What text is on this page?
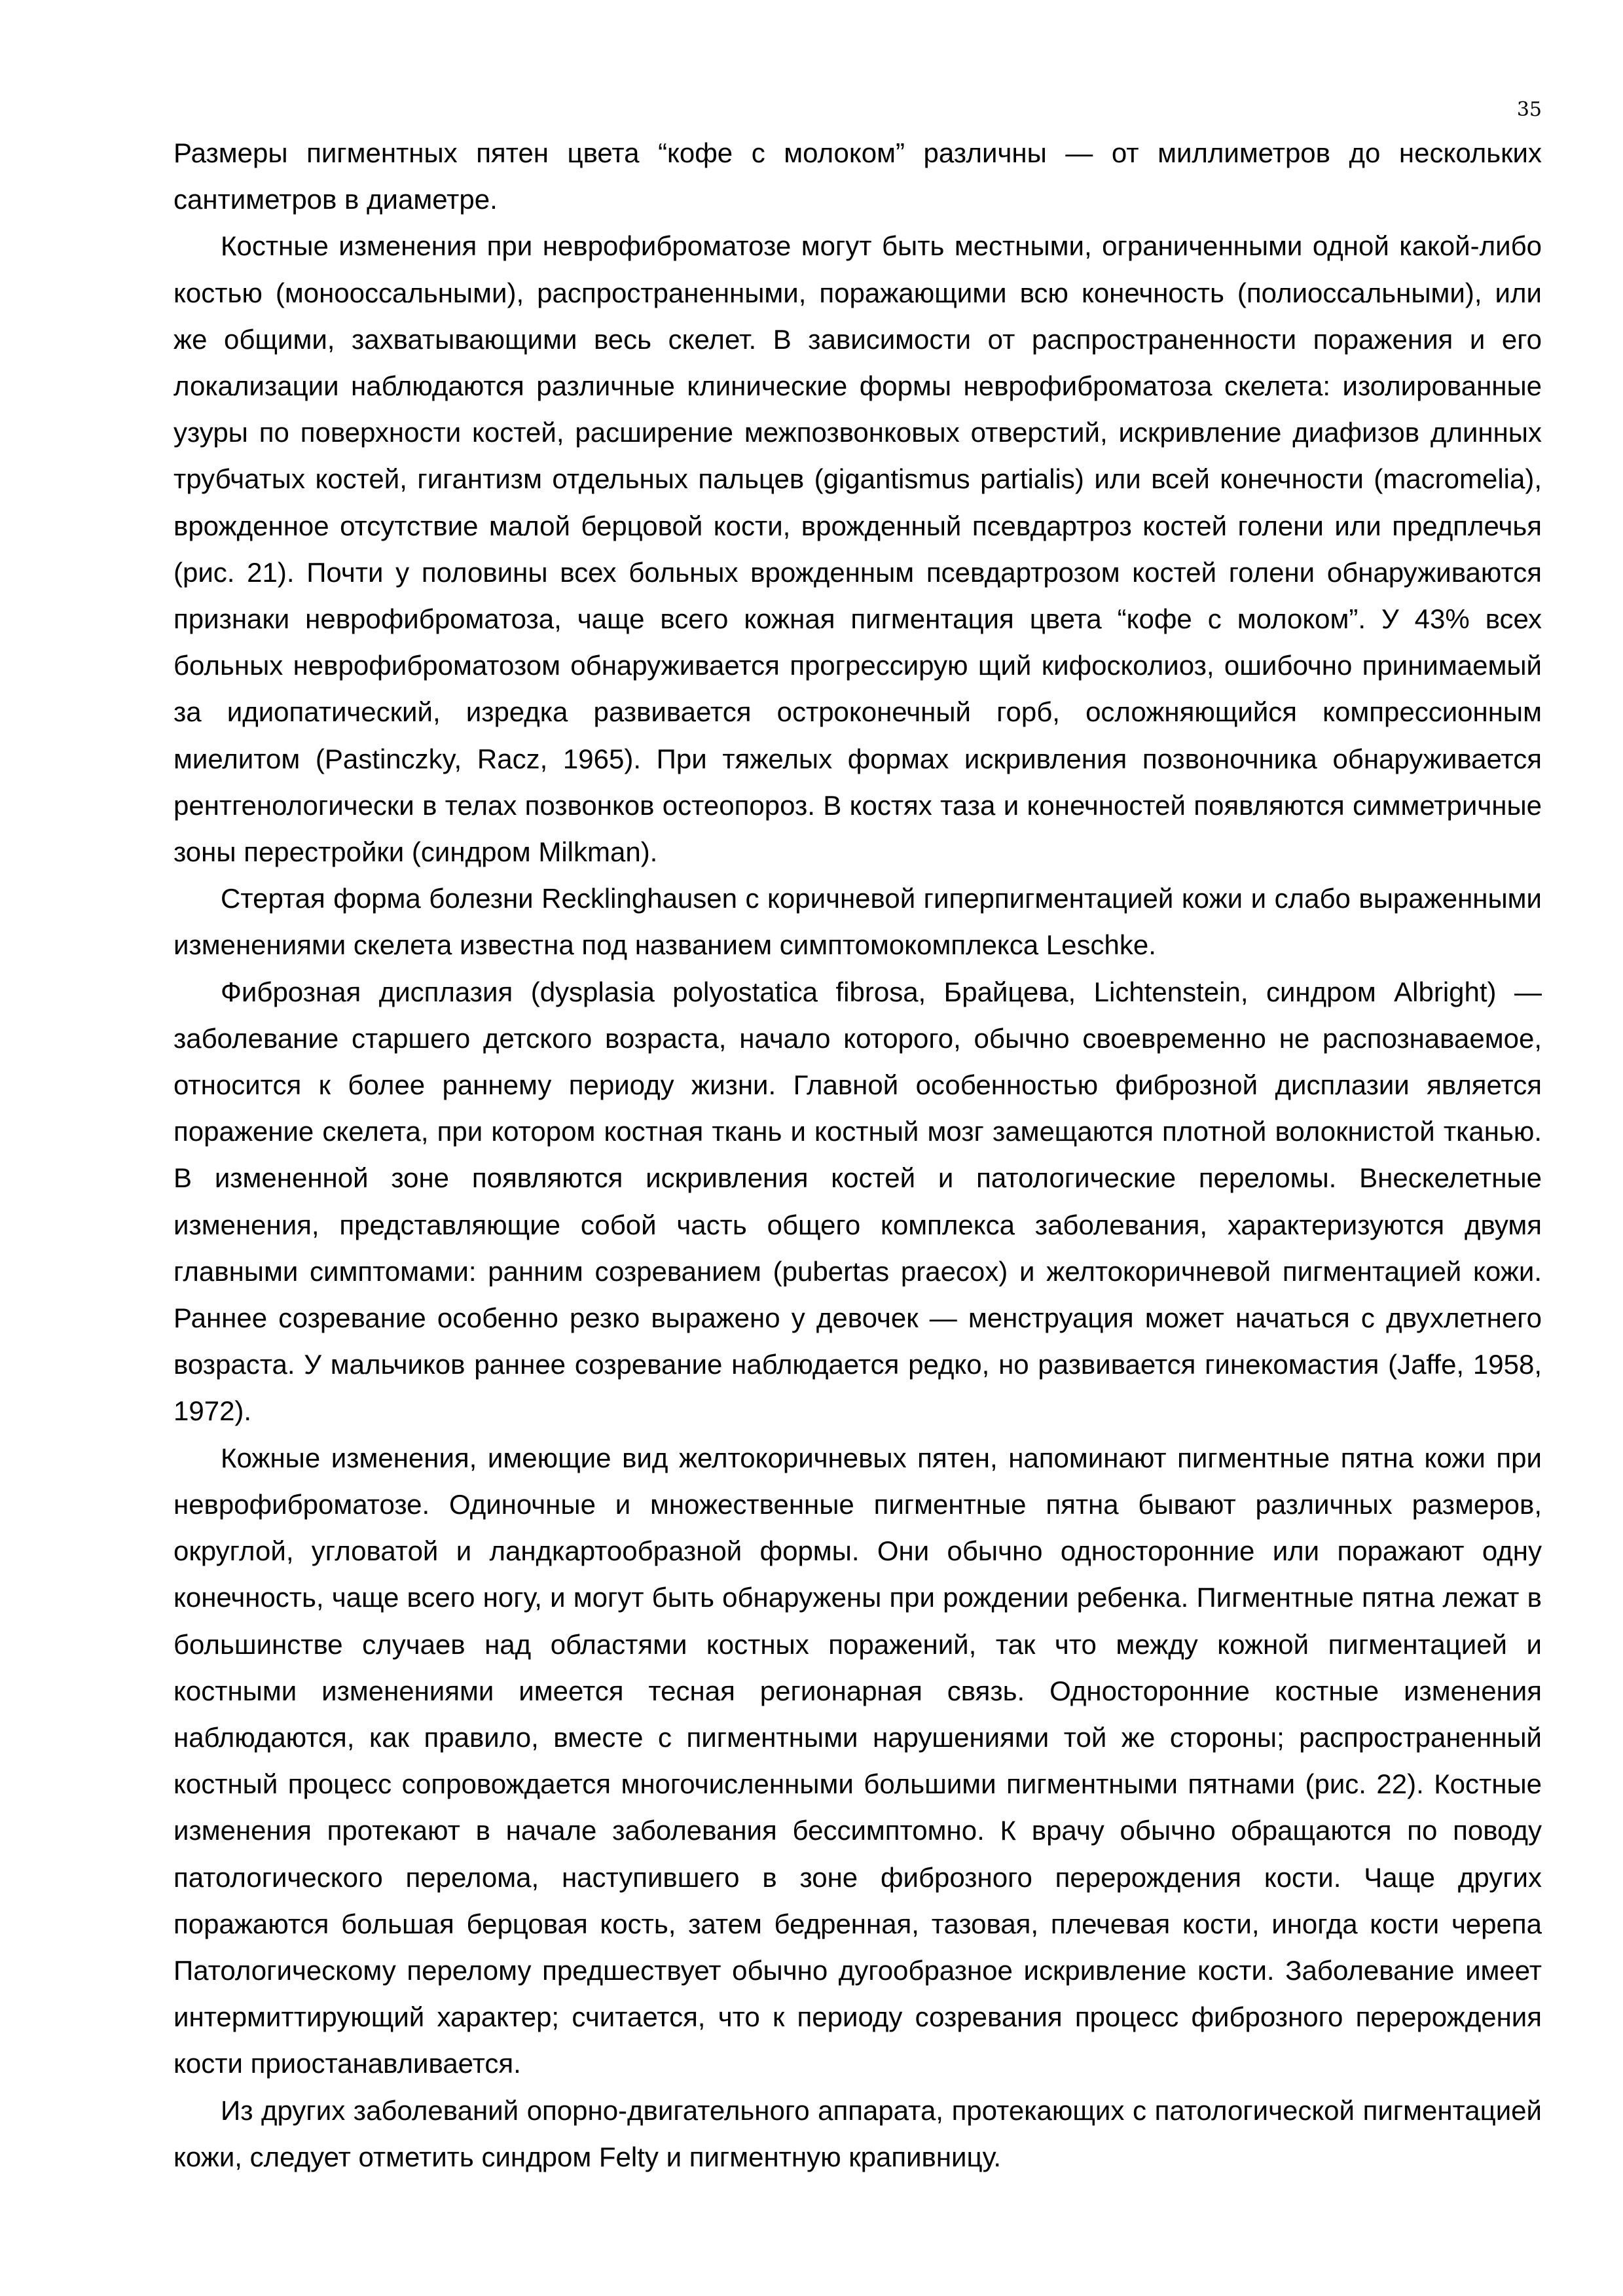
35

Размеры пигментных пятен цвета “кофе с молоком” различны — от миллиметров до нескольких сантиметров в диаметре.

Костные изменения при неврофиброматозе могут быть местными, ограниченными одной какой-либо костью (монооссальными), распространенными, поражающими всю конечность (полиоссальными), или же общими, захватывающими весь скелет. В зависимости от распространенности поражения и его локализации наблюдаются различные клинические формы неврофиброматоза скелета: изолированные узуры по поверхности костей, расширение межпозвонковых отверстий, искривление диафизов длинных трубчатых костей, гигантизм отдельных пальцев (gigantismus partialis) или всей конечности (macromelia), врожденное отсутствие малой берцовой кости, врожденный псевдартроз костей голени или предплечья (рис. 21). Почти у половины всех больных врожденным псевдартрозом костей голени обнаруживаются признаки неврофиброматоза, чаще всего кожная пигментация цвета “кофе с молоком”. У 43% всех больных неврофиброматозом обнаруживается прогрессирую щий кифосколиоз, ошибочно принимаемый за идиопатический, изредка развивается остроконечный горб, осложняющийся компрессионным миелитом (Pastinczky, Racz, 1965). При тяжелых формах искривления позвоночника обнаруживается рентгенологически в телах позвонков остеопороз. В костях таза и конечностей появляются симметричные зоны перестройки (синдром Milkman).

Стертая форма болезни Recklinghausen с коричневой гиперпигментацией кожи и слабо выраженными изменениями скелета известна под названием симптомокомплекса Leschke.

Фиброзная дисплазия (dysplasia polyostatica fibrosa, Брайцева, Lichtenstein, синдром Albright) — заболевание старшего детского возраста, начало которого, обычно своевременно не распознаваемое, относится к более раннему периоду жизни. Главной особенностью фиброзной дисплазии является поражение скелета, при котором костная ткань и костный мозг замещаются плотной волокнистой тканью. В измененной зоне появляются искривления костей и патологические переломы. Внескелетные изменения, представляющие собой часть общего комплекса заболевания, характеризуются двумя главными симптомами: ранним созреванием (pubertas praecox) и желтокоричневой пигментацией кожи. Раннее созревание особенно резко выражено у девочек — менструация может начаться с двухлетнего возраста. У мальчиков раннее созревание наблюдается редко, но развивается гинекомастия (Jaffe, 1958, 1972).

Кожные изменения, имеющие вид желтокоричневых пятен, напоминают пигментные пятна кожи при неврофиброматозе. Одиночные и множественные пигментные пятна бывают различных размеров, округлой, угловатой и ландкартообразной формы. Они обычно односторонние или поражают одну конечность, чаще всего ногу, и могут быть обнаружены при рождении ребенка. Пигментные пятна лежат в большинстве случаев над областями костных поражений, так что между кожной пигментацией и костными изменениями имеется тесная регионарная связь. Односторонние костные изменения наблюдаются, как правило, вместе с пигментными нарушениями той же стороны; распространенный костный процесс сопровождается многочисленными большими пигментными пятнами (рис. 22). Костные изменения протекают в начале заболевания бессимптомно. К врачу обычно обращаются по поводу патологического перелома, наступившего в зоне фиброзного перерождения кости. Чаще других поражаются большая берцовая кость, затем бедренная, тазовая, плечевая кости, иногда кости черепа Патологическому перелому предшествует обычно дугообразное искривление кости. Заболевание имеет интермиттирующий характер; считается, что к периоду созревания процесс фиброзного перерождения кости приостанавливается.

Из других заболеваний опорно-двигательного аппарата, протекающих с патологической пигментацией кожи, следует отметить синдром Felty и пигментную крапивницу.
